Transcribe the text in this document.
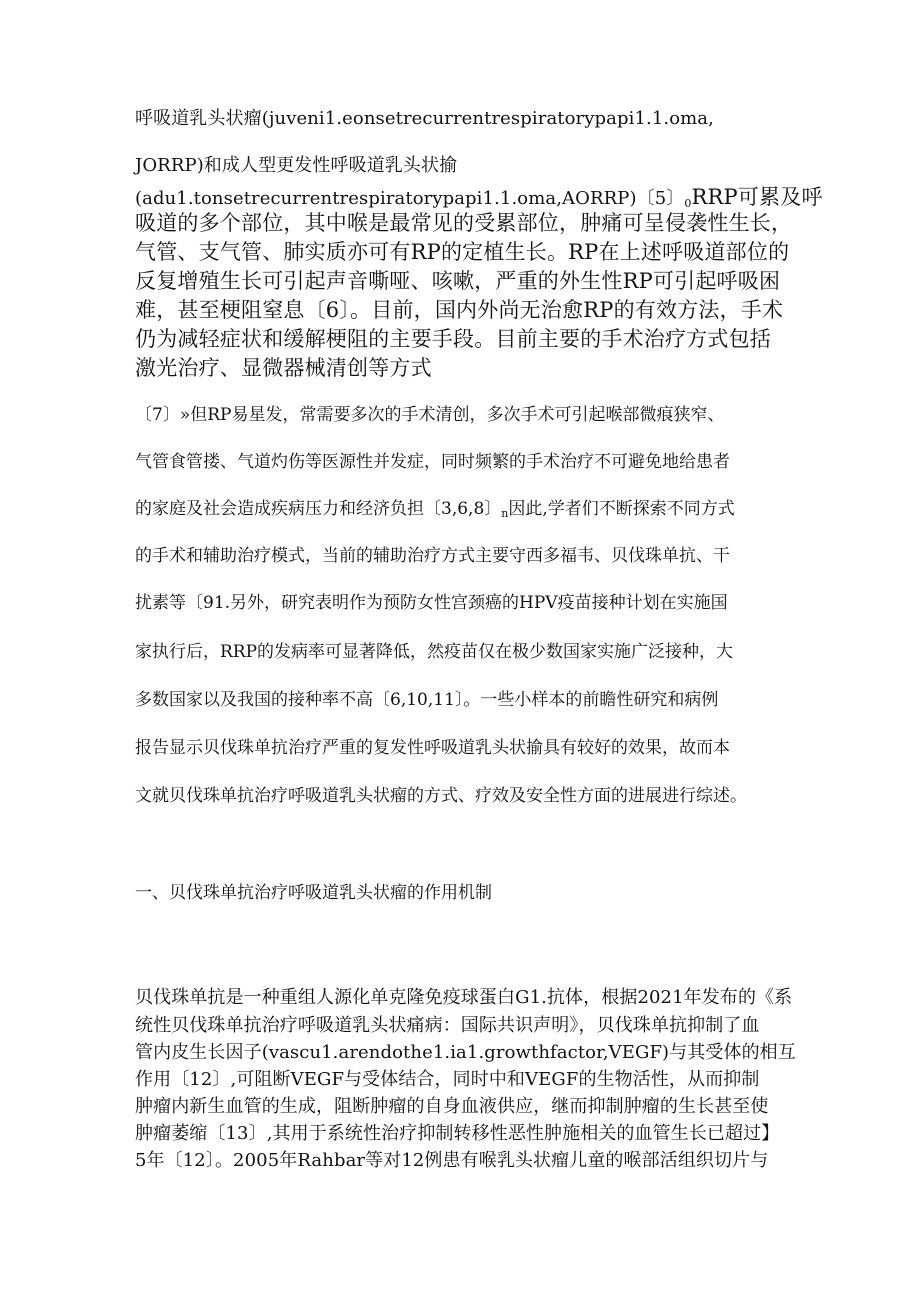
呼吸道乳头状瘤(juveni1.eonsetrecurrentrespiratorypapi1.1.oma,
JORRP)和成人型更发性呼吸道乳头状揄
(adu1.tonsetrecurrentrespiratorypapi1.1.oma,AORRP)〔5〕$_0$RRP可累及呼
吸道的多个部位，其中喉是最常见的受累部位，肿痛可呈侵袭性生长，
气管、支气管、肺实质亦可有RP的定植生长。RP在上述呼吸道部位的
反复增殖生长可引起声音嘶哑、咳嗽，严重的外生性RP可引起呼吸困
难，甚至梗阻窒息〔6〕。目前，国内外尚无治愈RP的有效方法，手术
仍为减轻症状和缓解梗阻的主要手段。目前主要的手术治疗方式包括
激光治疗、显微器械清创等方式
〔7〕»但RP易星发，常需要多次的手术清创，多次手术可引起喉部微痕狭窄、
气管食管搂、气道灼伤等医源性并发症，同时频繁的手术治疗不可避免地给患者
的家庭及社会造成疾病压力和经济负担〔3,6,8〕$_n$因此,学者们不断探索不同方式
的手术和辅助治疗模式，当前的辅助治疗方式主要守西多福韦、贝伐珠单抗、干
扰素等〔91.另外，研究表明作为预防女性宫颈癌的HPV疫苗接种计划在实施国
家执行后，RRP的发病率可显著降低，然疫苗仅在极少数国家实施广泛接种，大
多数国家以及我国的接种率不高〔6,10,11〕。一些小样本的前瞻性研究和病例
报告显示贝伐珠单抗治疗严重的复发性呼吸道乳头状揄具有较好的效果，故而本
文就贝伐珠单抗治疗呼吸道乳头状瘤的方式、疗效及安全性方面的进展进行综述。
一、贝伐珠单抗治疗呼吸道乳头状瘤的作用机制
贝伐珠单抗是一种重组人源化单克隆免疫球蛋白G1.抗体，根据2021年发布的《系
统性贝伐珠单抗治疗呼吸道乳头状痛病：国际共识声明》，贝伐珠单抗抑制了血
管内皮生长因子(vascu1.arendothe1.ia1.growthfactor,VEGF)与其受体的相互
作用〔12〕,可阻断VEGF与受体结合，同时中和VEGF的生物活性，从而抑制
肿瘤内新生血管的生成，阻断肿瘤的自身血液供应，继而抑制肿瘤的生长甚至使
肿瘤萎缩〔13〕,其用于系统性治疗抑制转移性恶性肿施相关的血管生长已超过】
5年〔12〕。2005年Rahbar等对12例患有喉乳头状瘤儿童的喉部活组织切片与
